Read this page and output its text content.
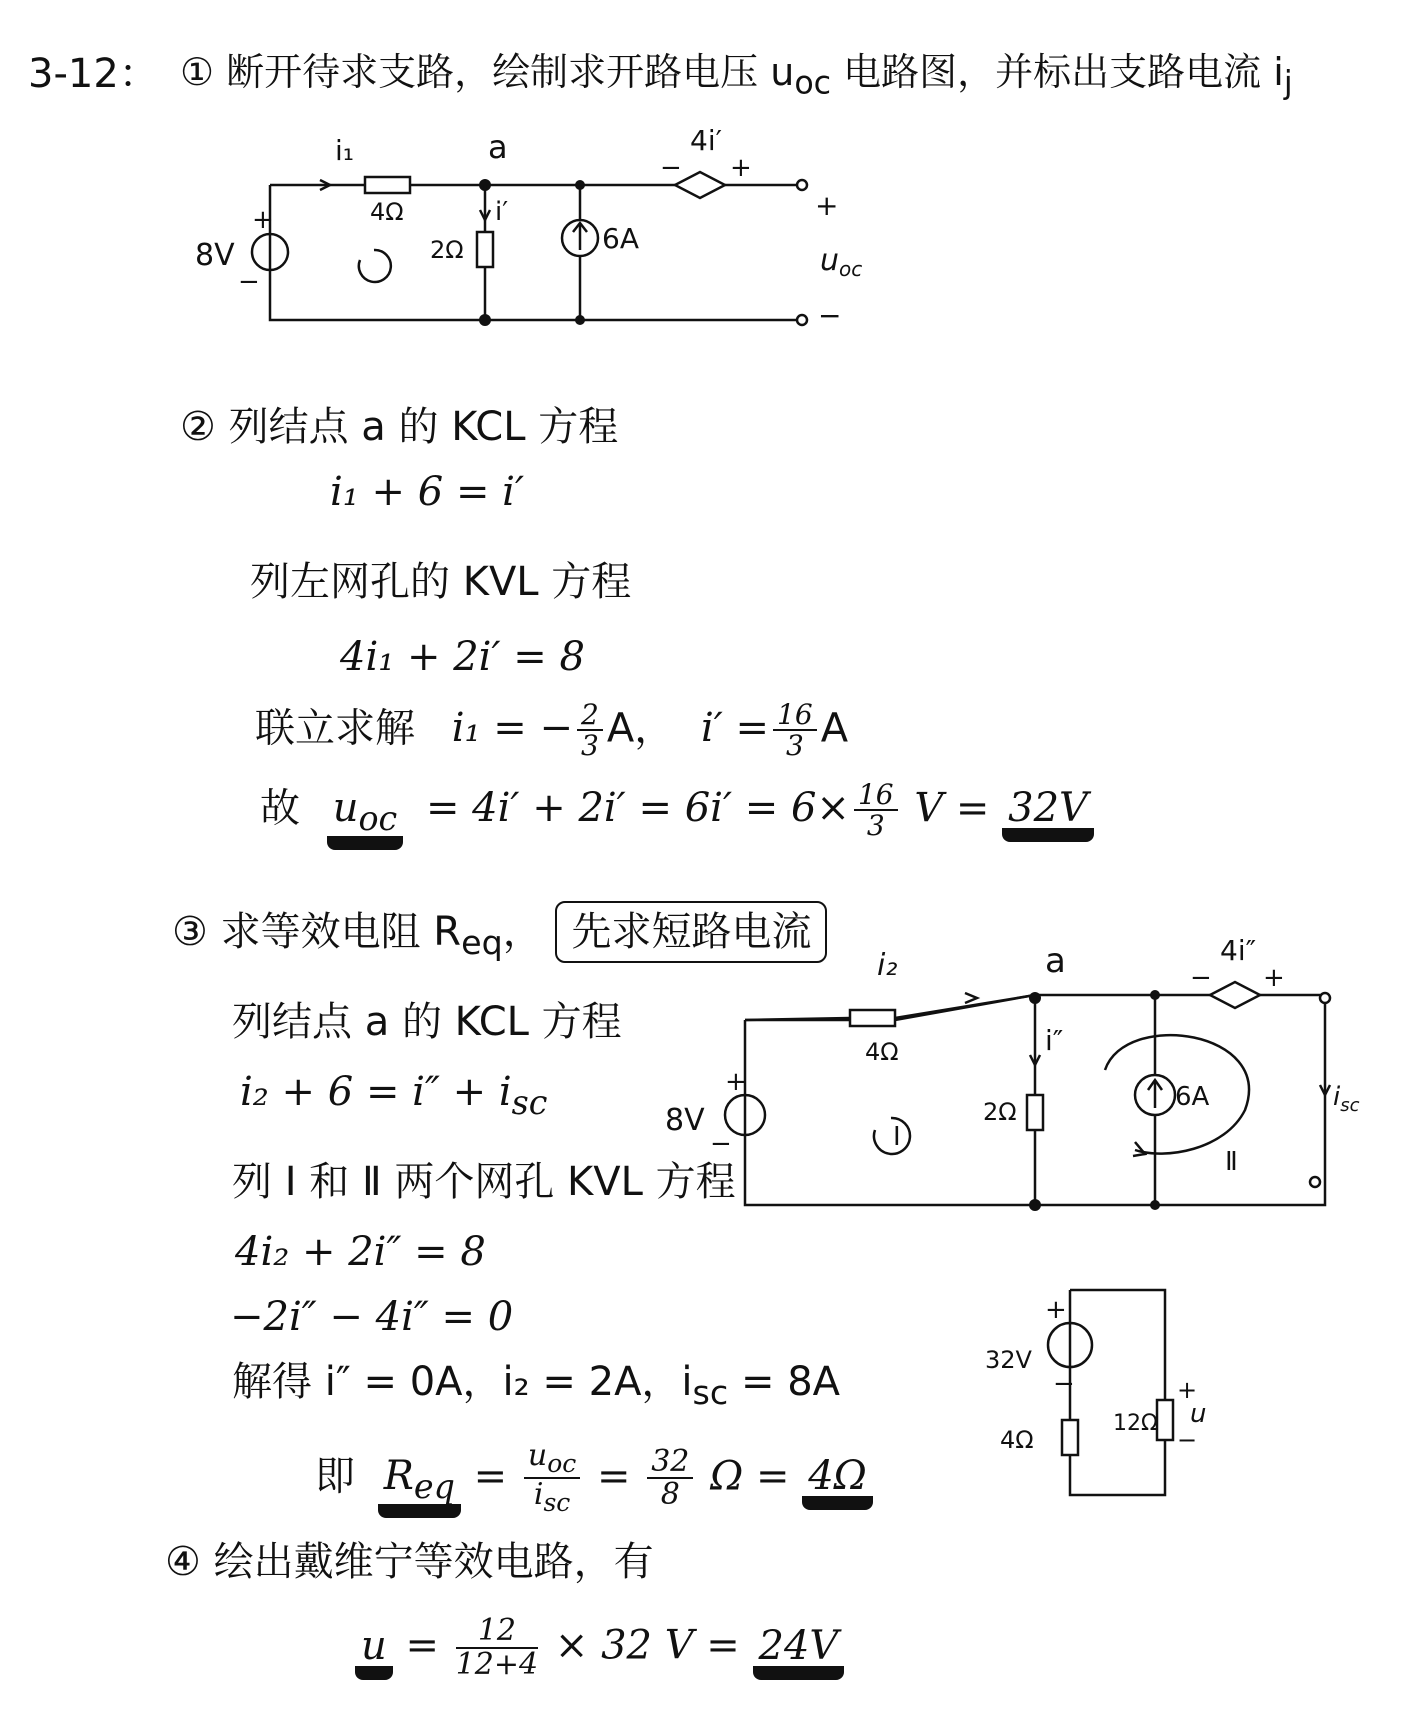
3-12： ① 断开待求支路，绘制求开路电压 $u_{oc}$ 电路图，并标出支路电流 $i_j$
i₁
4Ω
a
i′
2Ω	6A
4i′
− +
8V
+
−
+
$u_{oc}$
−
② 列结点 a 的 KCL 方程
i₁ + 6 = i′
列左网孔的 KVL 方程
4i₁ + 2i′ = 8
联立求解 i₁ = − $\frac{2}{3}$ A， $i' = \frac{16}{3}$ A
故 $u_{oc} = 4i' + 2i' = 6i' = 6\times \frac{16}{3}$ V = 32V
③ 求等效电阻 $R_{eq}$， 先求短路电流
列结点 a 的 KCL 方程
$i_2 + 6 = i'' + i_{sc}$
列 Ⅰ 和 Ⅱ 两个网孔 KVL 方程
4i₂ + 2i″ = 8
−2i″ − 4i″ = 0
解得 i″ = 0A，i₂ = 2A，$i_{sc} = 8A$
即 $R_{eq} = \frac{u_{oc}}{i_{sc}} = \frac{32}{8}$ Ω = 4Ω
i₂
4Ω
a
i″
2Ω	6A
4i″
− +
8V
+
−
$i_{sc}$
Ⅰ
Ⅱ
32V
+
−
4Ω
12Ω
+
u
−
④ 绘出戴维宁等效电路，有
$u = \frac{12}{12+4} \times 32$ V = 24V
